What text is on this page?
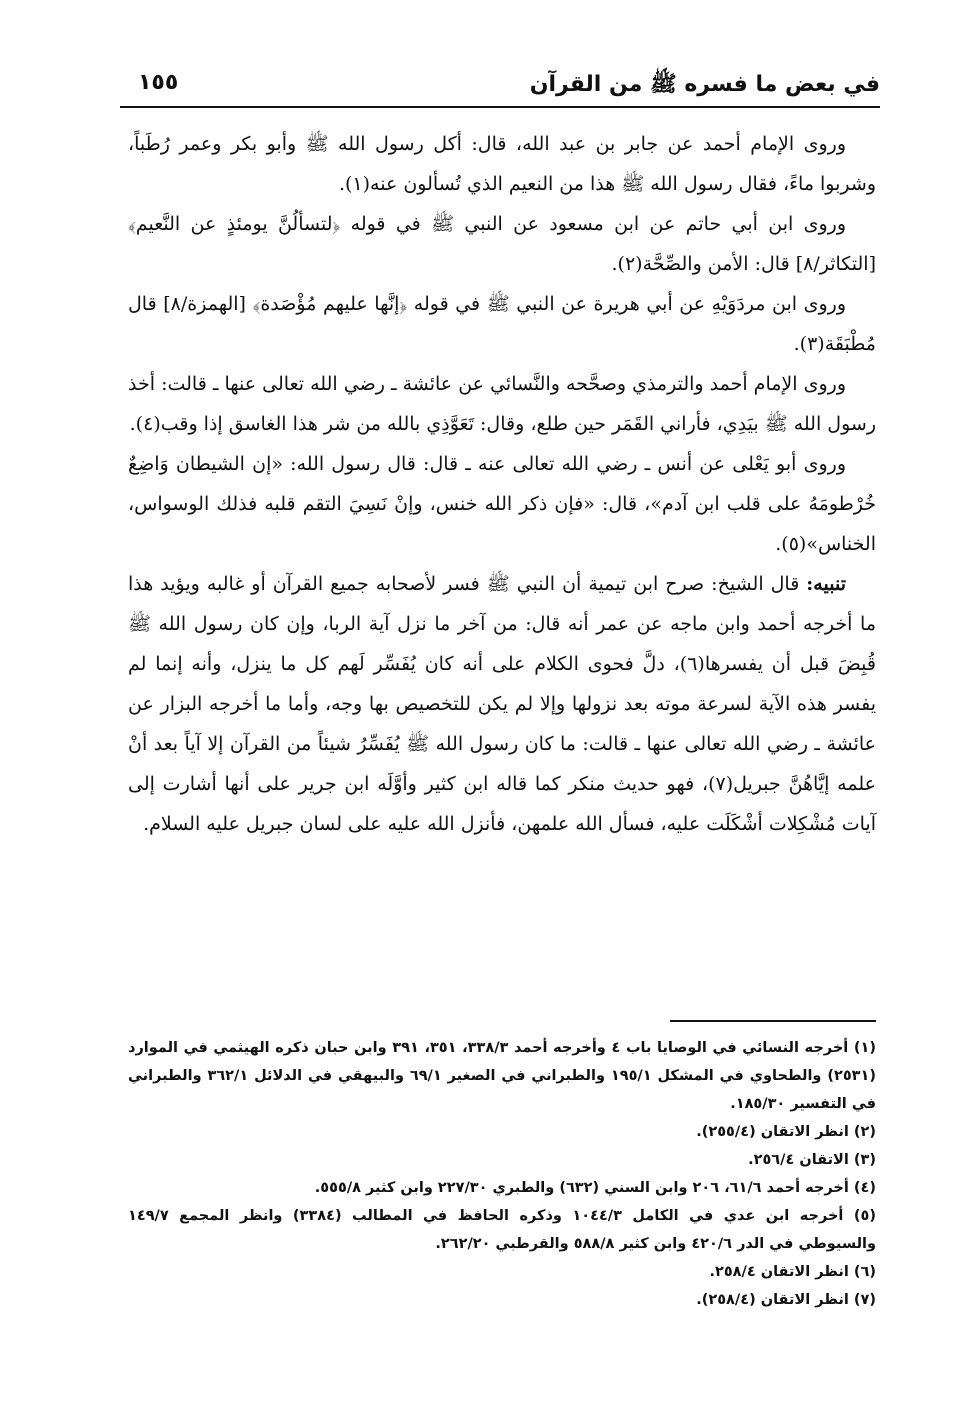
في بعض ما فسره ﷺ من القرآن
١٥٥

وروى الإمام أحمد عن جابر بن عبد الله، قال: أكل رسول الله ﷺ وأبو بكر وعمر رُطَباً، وشربوا ماءً، فقال رسول الله ﷺ هذا من النعيم الذي تُسألون عنه(١).

وروى ابن أبي حاتم عن ابن مسعود عن النبي ﷺ في قوله ﴿لتسألُنَّ يومئذٍ عن النَّعيم﴾ [التكاثر/٨] قال: الأمن والصِّحَّة(٢).

وروى ابن مردَوَيْهِ عن أبي هريرة عن النبي ﷺ في قوله ﴿إنَّها عليهم مُؤْصَدة﴾ [الهمزة/٨] قال مُطْبَقَة(٣).

وروى الإمام أحمد والترمذي وصحَّحه والنَّسائي عن عائشة ـ رضي الله تعالى عنها ـ قالت: أخذ رسول الله ﷺ بيَدِي، فأراني القَمَر حين طلع، وقال: تَعَوَّذِي بالله من شر هذا الغاسق إذا وقب(٤).

وروى أبو يَعْلى عن أنس ـ رضي الله تعالى عنه ـ قال: قال رسول الله: «إن الشيطان وَاضِعٌ خُرْطومَهُ على قلب ابن آدم»، قال: «فإن ذكر الله خنس، وإنْ نَسِيَ التقم قلبه فذلك الوسواس، الخناس»(٥).

تنبيه: قال الشيخ: صرح ابن تيمية أن النبي ﷺ فسر لأصحابه جميع القرآن أو غالبه ويؤيد هذا ما أخرجه أحمد وابن ماجه عن عمر أنه قال: من آخر ما نزل آية الربا، وإن كان رسول الله ﷺ قُبِضَ قبل أن يفسرها(٦)، دلَّ فحوى الكلام على أنه كان يُفَسِّر لَهم كل ما ينزل، وأنه إنما لم يفسر هذه الآية لسرعة موته بعد نزولها وإلا لم يكن للتخصيص بها وجه، وأما ما أخرجه البزار عن عائشة ـ رضي الله تعالى عنها ـ قالت: ما كان رسول الله ﷺ يُفَسِّرُ شيئاً من القرآن إلا آياً بعد أنْ علمه إيَّاهُنَّ جبريل(٧)، فهو حديث منكر كما قاله ابن كثير وأوَّلَه ابن جرير على أنها أشارت إلى آيات مُشْكِلات أشْكَلَت عليه، فسأل الله علمهن، فأنزل الله عليه على لسان جبريل عليه السلام.

(١) أخرجه النسائي في الوصايا باب ٤ وأخرجه أحمد ٣٣٨/٣، ٣٥١، ٣٩١ وابن حبان ذكره الهيثمي في الموارد (٢٥٣١) والطحاوي في المشكل ١٩٥/١ والطبراني في الصغير ٦٩/١ والبيهقي في الدلائل ٣٦٢/١ والطبراني في التفسير ١٨٥/٣٠.

(٢) انظر الاتقان (٢٥٥/٤).

(٣) الاتقان ٢٥٦/٤.

(٤) أخرجه أحمد ٦١/٦، ٢٠٦ وابن السني (٦٣٢) والطبري ٢٢٧/٣٠ وابن كثير ٥٥٥/٨.

(٥) أخرجه ابن عدي في الكامل ١٠٤٤/٣ وذكره الحافظ في المطالب (٣٣٨٤) وانظر المجمع ١٤٩/٧ والسيوطي في الدر ٤٢٠/٦ وابن كثير ٥٨٨/٨ والقرطبي ٢٦٢/٢٠.

(٦) انظر الاتقان ٢٥٨/٤.

(٧) انظر الاتقان (٢٥٨/٤).
